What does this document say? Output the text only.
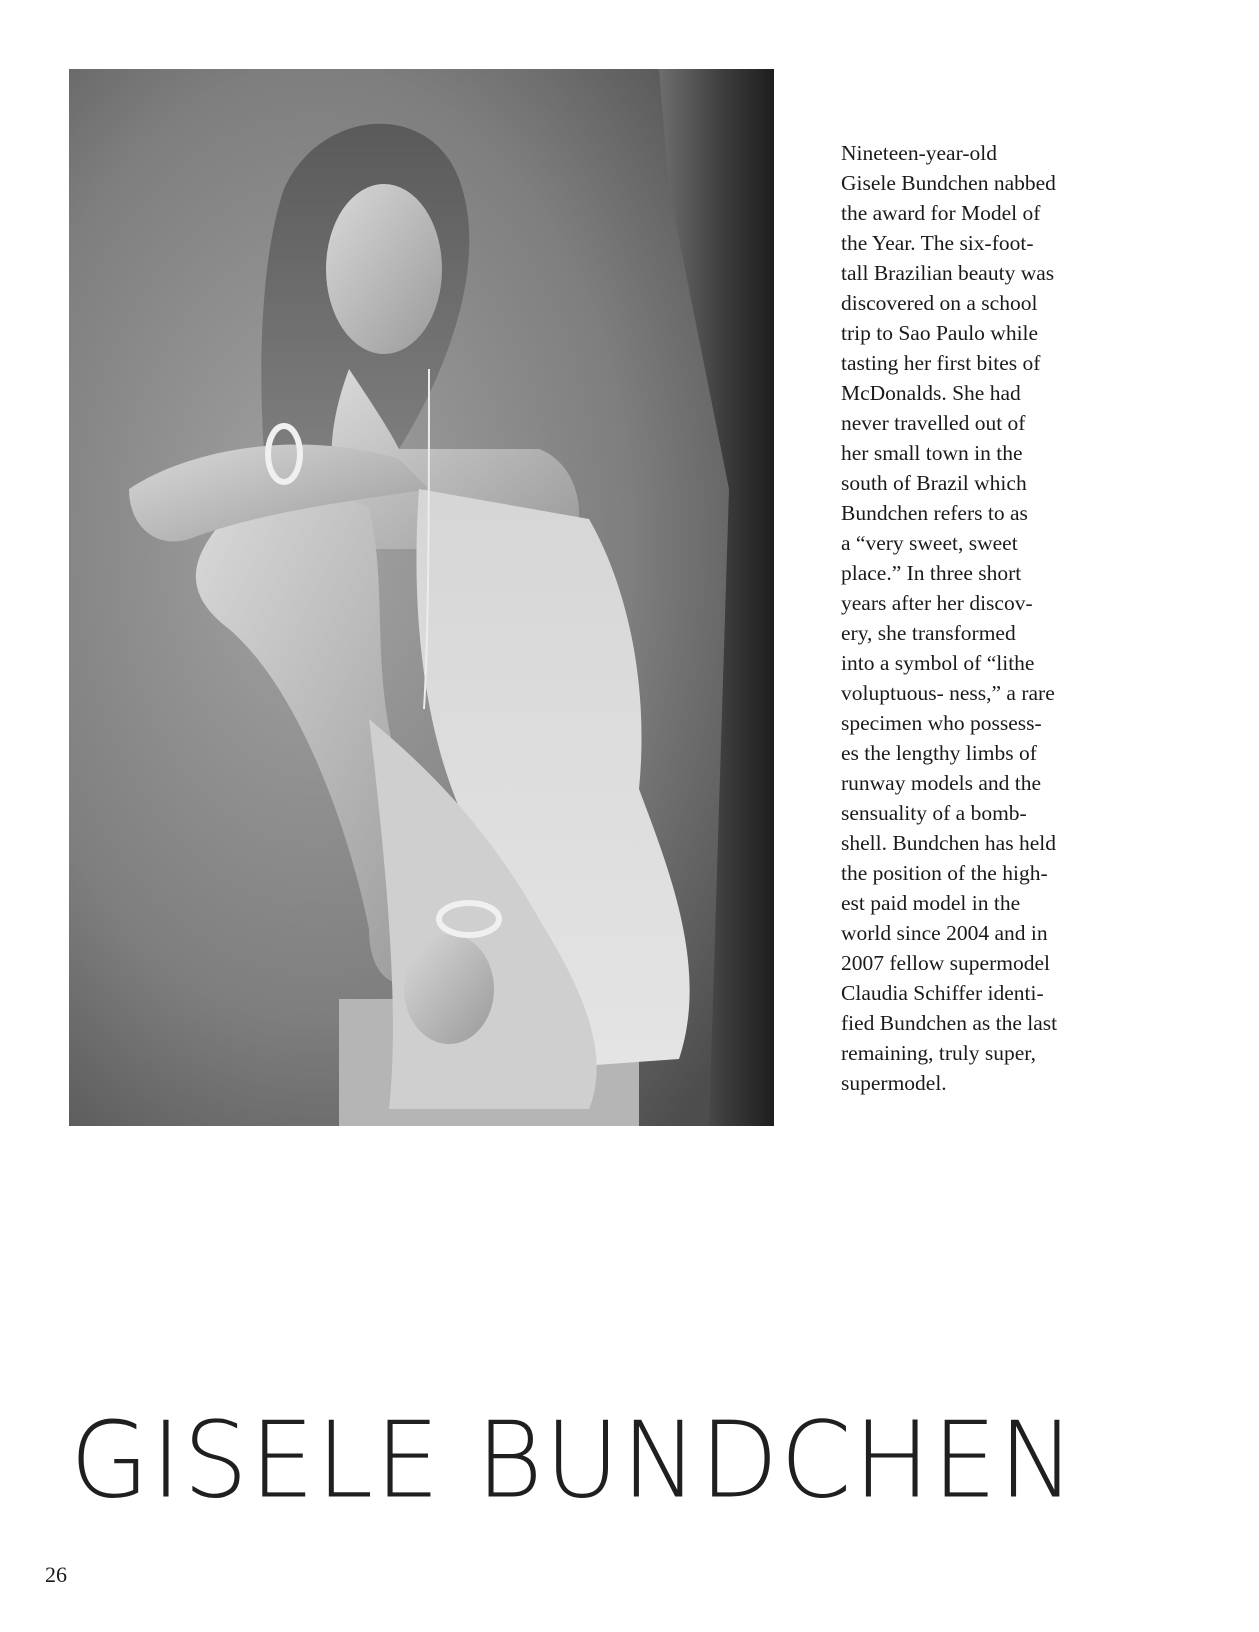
Nineteen-year-old
Gisele Bundchen nabbed
the award for Model of
the Year. The six-foot-
tall Brazilian beauty was
discovered on a school
trip to Sao Paulo while
tasting her first bites of
McDonalds. She had
never travelled out of
her small town in the
south of Brazil which
Bundchen refers to as
a “very sweet, sweet
place.” In three short
years after her discov-
ery, she transformed
into a symbol of “lithe
voluptuous- ness,” a rare
specimen who possess-
es the lengthy limbs of
runway models and the
sensuality of a bomb-
shell. Bundchen has held
the position of the high-
est paid model in the
world since 2004 and in
2007 fellow supermodel
Claudia Schiffer identi-
fied Bundchen as the last
remaining, truly super,
supermodel.
GISELE BUNDCHEN
26
